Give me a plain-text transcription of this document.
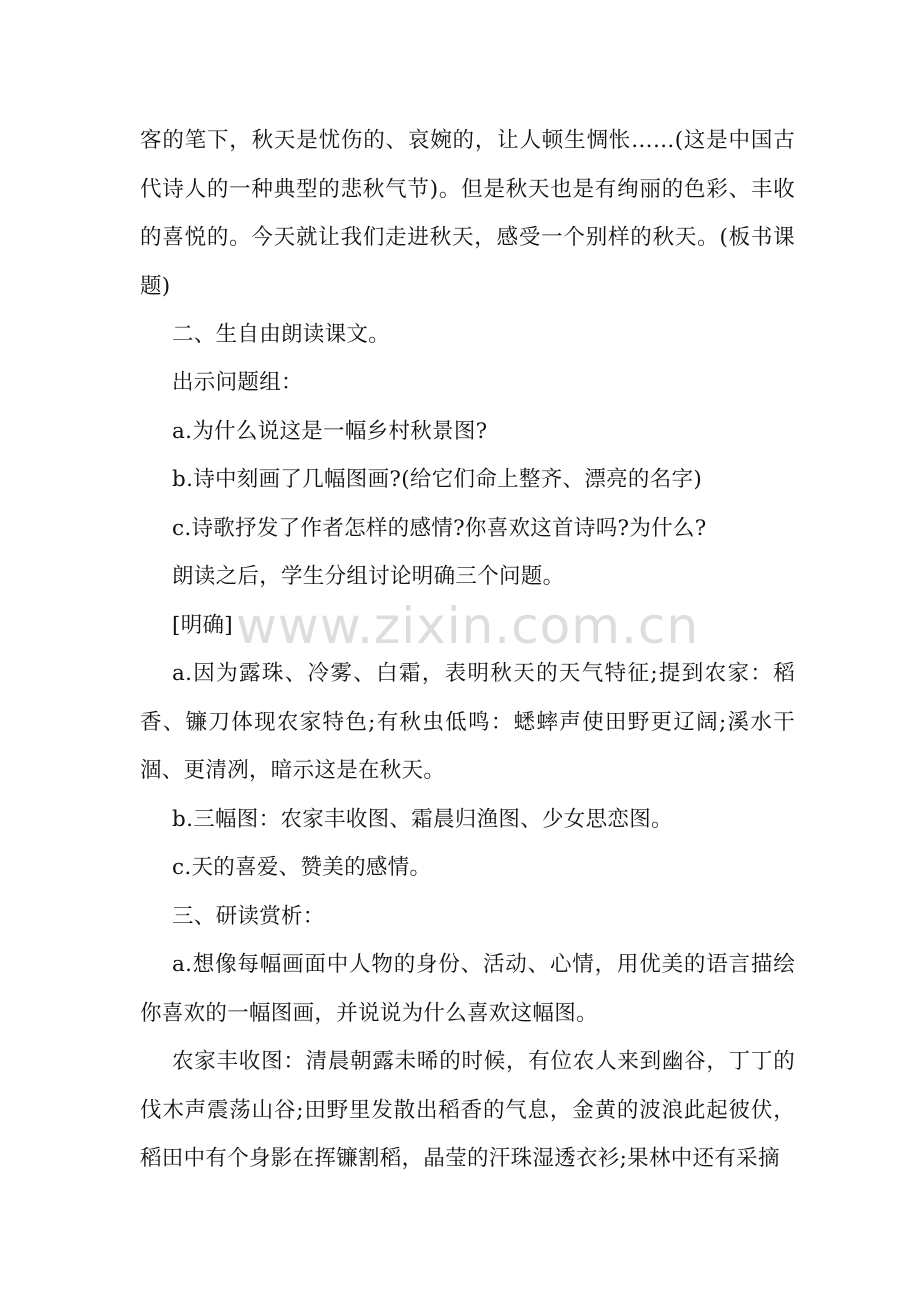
客的笔下，秋天是忧伤的、哀婉的，让人顿生惆怅……(这是中国古代诗人的一种典型的悲秋气节)。但是秋天也是有绚丽的色彩、丰收的喜悦的。今天就让我们走进秋天，感受一个别样的秋天。(板书课题)

二、生自由朗读课文。

出示问题组：

a.为什么说这是一幅乡村秋景图?

b.诗中刻画了几幅图画?(给它们命上整齐、漂亮的名字)

c.诗歌抒发了作者怎样的感情?你喜欢这首诗吗?为什么?

朗读之后，学生分组讨论明确三个问题。

[明确]

a.因为露珠、冷雾、白霜，表明秋天的天气特征;提到农家：稻香、镰刀体现农家特色;有秋虫低鸣：蟋蟀声使田野更辽阔;溪水干涸、更清冽，暗示这是在秋天。

b.三幅图：农家丰收图、霜晨归渔图、少女思恋图。

c.天的喜爱、赞美的感情。

三、研读赏析：

a.想像每幅画面中人物的身份、活动、心情，用优美的语言描绘你喜欢的一幅图画，并说说为什么喜欢这幅图。

农家丰收图：清晨朝露未晞的时候，有位农人来到幽谷，丁丁的伐木声震荡山谷;田野里发散出稻香的气息，金黄的波浪此起彼伏，稻田中有个身影在挥镰割稻，晶莹的汗珠湿透衣衫;果林中还有采摘

www.zixin.com.cn
